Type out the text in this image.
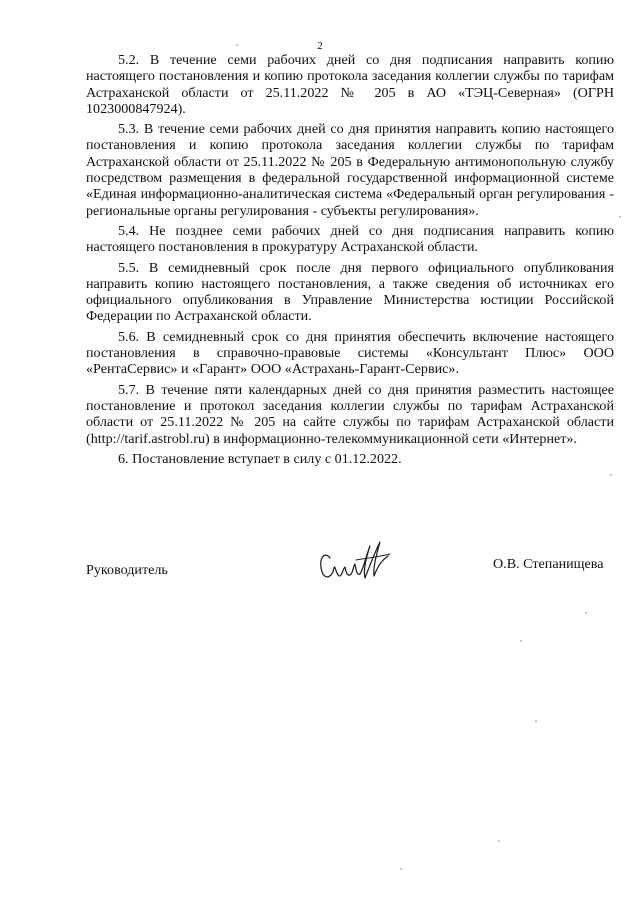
2

5.2. В течение семи рабочих дней со дня подписания направить копию настоящего постановления и копию протокола заседания коллегии службы по тарифам Астраханской области от 25.11.2022 № 205 в АО «ТЭЦ-Северная» (ОГРН 1023000847924).

5.3. В течение семи рабочих дней со дня принятия направить копию настоящего постановления и копию протокола заседания коллегии службы по тарифам Астраханской области от 25.11.2022 № 205 в Федеральную антимонопольную службу посредством размещения в федеральной государственной информационной системе «Единая информационно-аналитическая система «Федеральный орган регулирования - региональные органы регулирования - субъекты регулирования».

5.4. Не позднее семи рабочих дней со дня подписания направить копию настоящего постановления в прокуратуру Астраханской области.

5.5. В семидневный срок после дня первого официального опубликования направить копию настоящего постановления, а также сведения об источниках его официального опубликования в Управление Министерства юстиции Российской Федерации по Астраханской области.

5.6. В семидневный срок со дня принятия обеспечить включение настоящего постановления в справочно-правовые системы «Консультант Плюс» ООО «РентаСервис» и «Гарант» ООО «Астрахань-Гарант-Сервис».

5.7. В течение пяти календарных дней со дня принятия разместить настоящее постановление и протокол заседания коллегии службы по тарифам Астраханской области от 25.11.2022 № 205 на сайте службы по тарифам Астраханской области (http://tarif.astrobl.ru) в информационно-телекоммуникационной сети «Интернет».

6. Постановление вступает в силу с 01.12.2022.

Руководитель	О.В. Степанищева
